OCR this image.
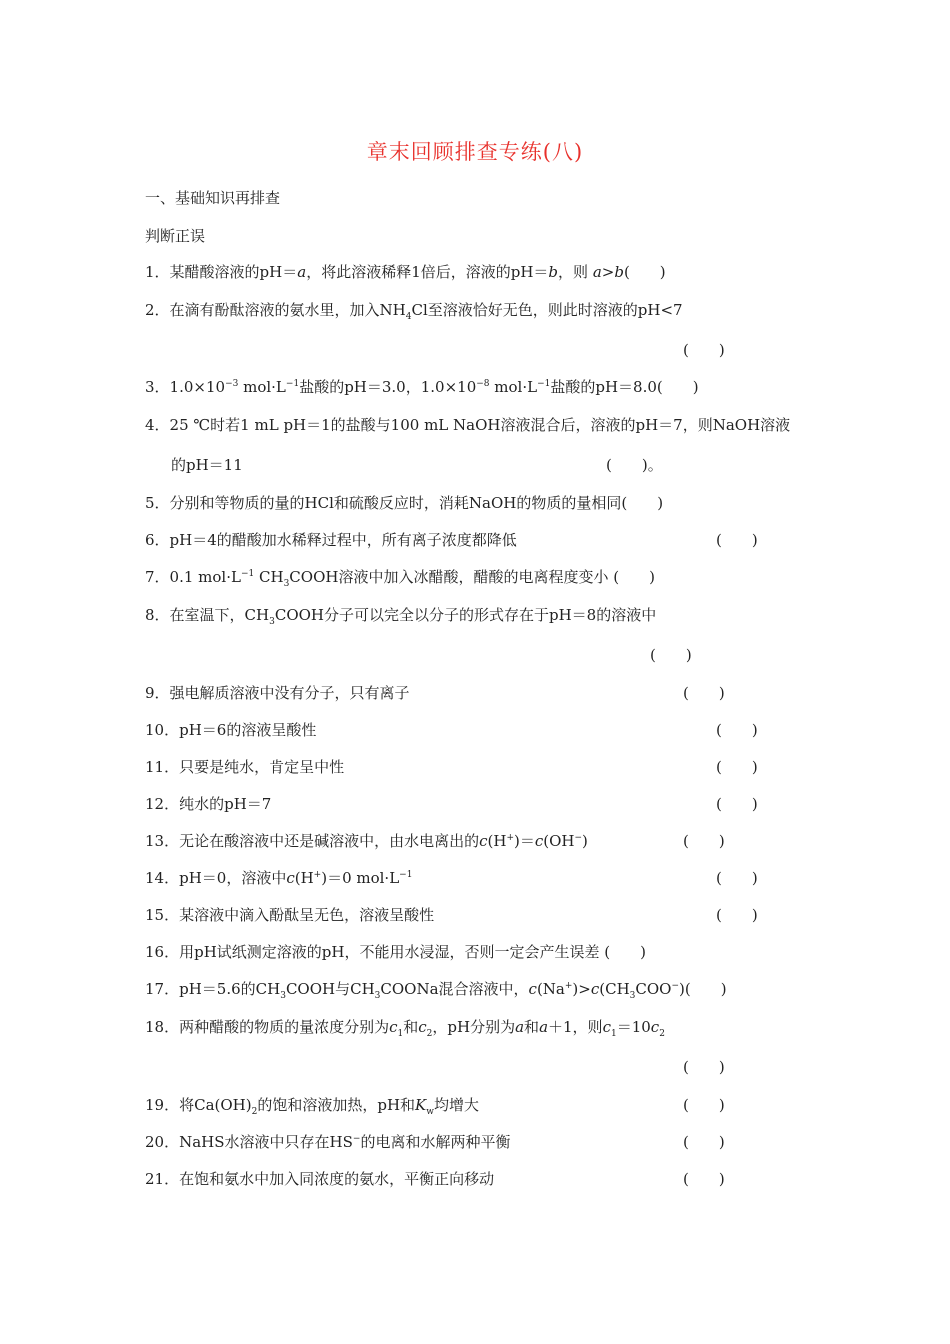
章末回顾排查专练(八)
一、基础知识再排查
判断正误
1．某醋酸溶液的pH＝a，将此溶液稀释1倍后，溶液的pH＝b，则 a>b(　　)
2．在滴有酚酞溶液的氨水里，加入$NH_4Cl$至溶液恰好无色，则此时溶液的pH<7
(　　)
3．$1.0\times 10^{-3}$ $mol\cdot L^{-1}$盐酸的pH＝3.0，$1.0\times 10^{-8}$ $mol\cdot L^{-1}$盐酸的pH＝8.0(　　)
4．25 ℃时若1 mL pH＝1的盐酸与100 mL NaOH溶液混合后，溶液的pH＝7，则NaOH溶液
的pH＝11	(　　)。
5．分别和等物质的量的HCl和硫酸反应时，消耗NaOH的物质的量相同(　　)
6．pH＝4的醋酸加水稀释过程中，所有离子浓度都降低	(　　)
7．0.1 $mol\cdot L^{-1}$ $CH_3COOH$溶液中加入冰醋酸，醋酸的电离程度变小 (　　)
8．在室温下，$CH_3COOH$分子可以完全以分子的形式存在于pH＝8的溶液中
(　　)
9．强电解质溶液中没有分子，只有离子	(　　)
10．pH＝6的溶液呈酸性	(　　)
11．只要是纯水，肯定呈中性	(　　)
12．纯水的pH＝7	(　　)
13．无论在酸溶液中还是碱溶液中，由水电离出的c(H+)＝c(OH−)	(　　)
14．pH＝0，溶液中c(H+)＝0 $mol\cdot L^{-1}$	(　　)
15．某溶液中滴入酚酞呈无色，溶液呈酸性	(　　)
16．用pH试纸测定溶液的pH，不能用水浸湿，否则一定会产生误差 (　　)
17．pH＝5.6的$CH_3COOH$与$CH_3COONa$混合溶液中，$c(Na^+)>c(CH_3COO^-)$(　　)
18．两种醋酸的物质的量浓度分别为$c_1$和$c_2$，pH分别为a和a＋1，则$c_1=10c_2$
(　　)
19．将$Ca(OH)_2$的饱和溶液加热，pH和$K_w$均增大	(　　)
20．NaHS水溶液中只存在HS−的电离和水解两种平衡	(　　)
21．在饱和氨水中加入同浓度的氨水，平衡正向移动	(　　)
